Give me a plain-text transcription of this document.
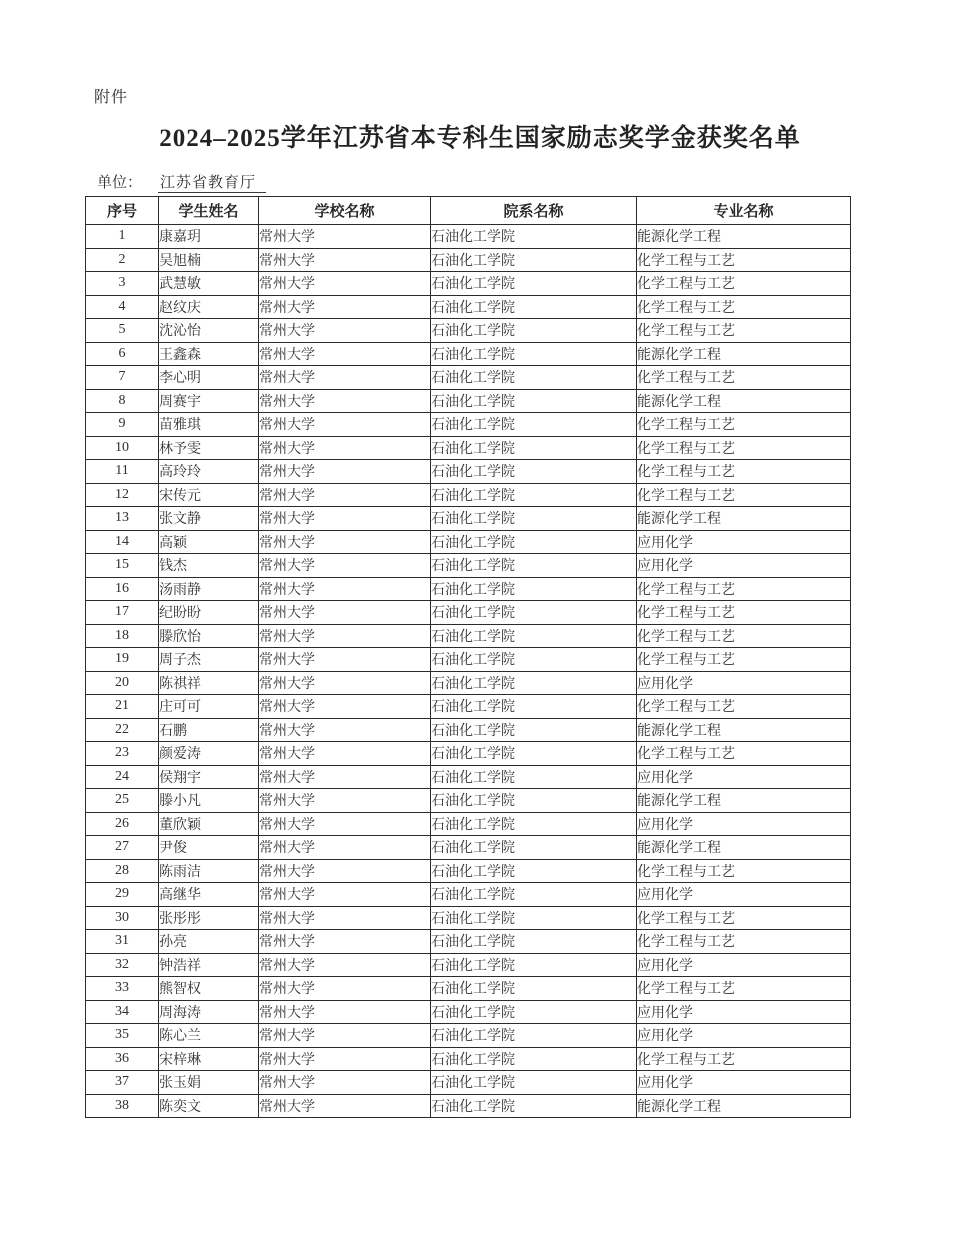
附件
2024–2025学年江苏省本专科生国家励志奖学金获奖名单
单位： 江苏省教育厅
序号	学生姓名	学校名称	院系名称	专业名称
1	康嘉玥	常州大学	石油化工学院	能源化学工程
2	吴旭楠	常州大学	石油化工学院	化学工程与工艺
3	武慧敏	常州大学	石油化工学院	化学工程与工艺
4	赵纹庆	常州大学	石油化工学院	化学工程与工艺
5	沈沁怡	常州大学	石油化工学院	化学工程与工艺
6	王鑫森	常州大学	石油化工学院	能源化学工程
7	李心明	常州大学	石油化工学院	化学工程与工艺
8	周赛宇	常州大学	石油化工学院	能源化学工程
9	苗雅琪	常州大学	石油化工学院	化学工程与工艺
10	林予雯	常州大学	石油化工学院	化学工程与工艺
11	高玲玲	常州大学	石油化工学院	化学工程与工艺
12	宋传元	常州大学	石油化工学院	化学工程与工艺
13	张文静	常州大学	石油化工学院	能源化学工程
14	高颖	常州大学	石油化工学院	应用化学
15	钱杰	常州大学	石油化工学院	应用化学
16	汤雨静	常州大学	石油化工学院	化学工程与工艺
17	纪盼盼	常州大学	石油化工学院	化学工程与工艺
18	滕欣怡	常州大学	石油化工学院	化学工程与工艺
19	周子杰	常州大学	石油化工学院	化学工程与工艺
20	陈祺祥	常州大学	石油化工学院	应用化学
21	庄可可	常州大学	石油化工学院	化学工程与工艺
22	石鹏	常州大学	石油化工学院	能源化学工程
23	颜爱涛	常州大学	石油化工学院	化学工程与工艺
24	侯翔宇	常州大学	石油化工学院	应用化学
25	滕小凡	常州大学	石油化工学院	能源化学工程
26	董欣颖	常州大学	石油化工学院	应用化学
27	尹俊	常州大学	石油化工学院	能源化学工程
28	陈雨洁	常州大学	石油化工学院	化学工程与工艺
29	高继华	常州大学	石油化工学院	应用化学
30	张彤彤	常州大学	石油化工学院	化学工程与工艺
31	孙亮	常州大学	石油化工学院	化学工程与工艺
32	钟浩祥	常州大学	石油化工学院	应用化学
33	熊智权	常州大学	石油化工学院	化学工程与工艺
34	周海涛	常州大学	石油化工学院	应用化学
35	陈心兰	常州大学	石油化工学院	应用化学
36	宋梓琳	常州大学	石油化工学院	化学工程与工艺
37	张玉娟	常州大学	石油化工学院	应用化学
38	陈奕文	常州大学	石油化工学院	能源化学工程
